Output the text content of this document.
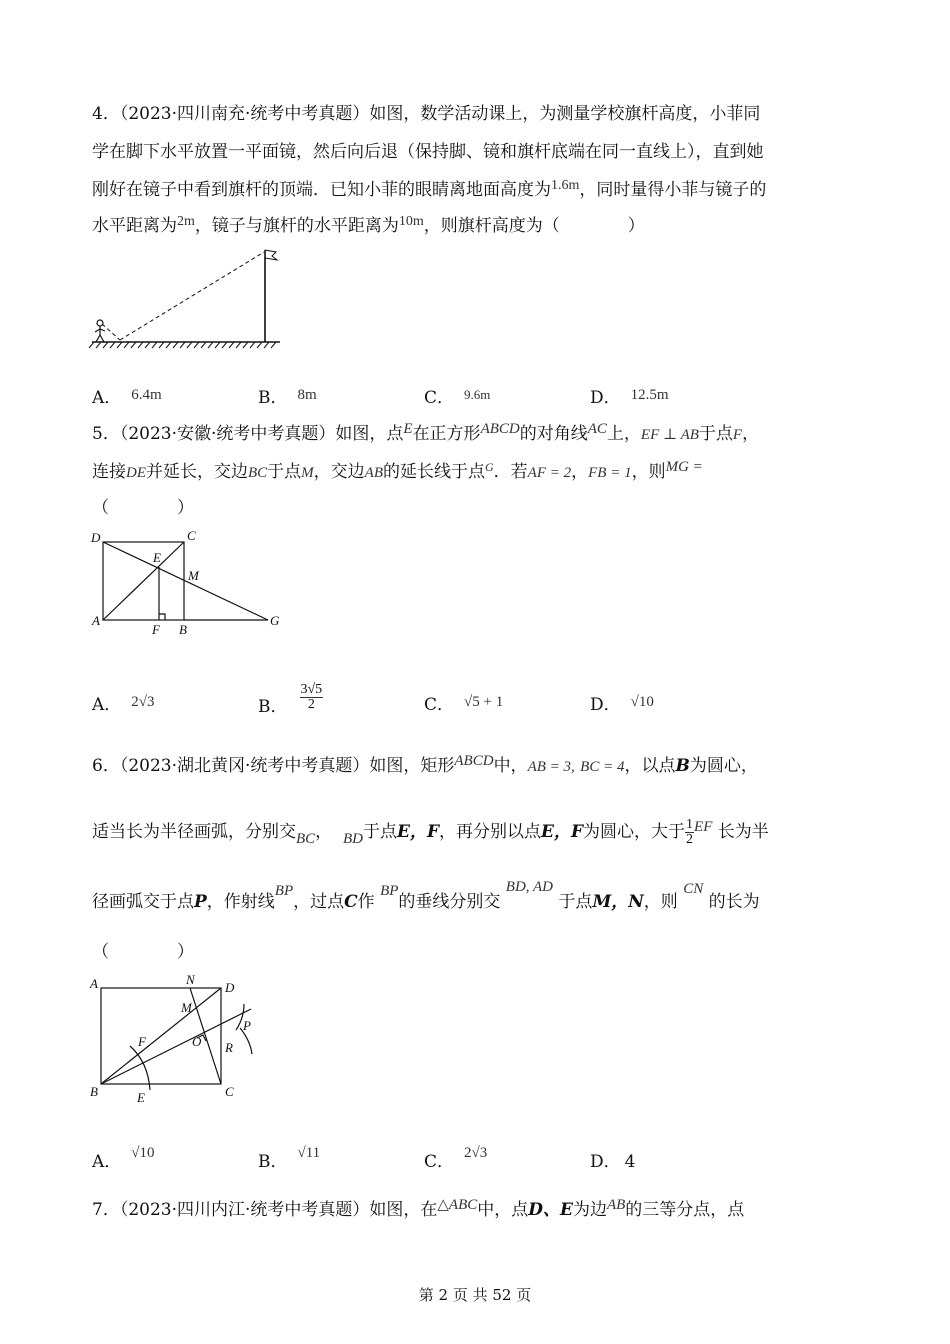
4．（2023·四川南充·统考中考真题）如图，数学活动课上，为测量学校旗杆高度，小菲同
学在脚下水平放置一平面镜，然后向后退（保持脚、镜和旗杆底端在同一直线上），直到她
刚好在镜子中看到旗杆的顶端．已知小菲的眼睛离地面高度为$^{1.6m}$，同时量得小菲与镜子的
水平距离为$^{2m}$，镜子与旗杆的水平距离为$^{10m}$，则旗杆高度为（　　　　）
A． 6.4m	B． 8m	C． $^{9.6m}$	D． 12.5m
5．（2023·安徽·统考中考真题）如图，点E在正方形ABCD的对角线AC上，EF ⊥ AB于点F，
连接DE并延长，交边BC于点M，交边AB的延长线于点$^G$．若AF = 2，FB = 1，则MG =
（　　　　）
D	C
E
M
A
F B
G
A． 2√3	B． $\frac{3√5}{2}$	C． √5 + 1	D． √10
6．（2023·湖北黄冈·统考中考真题）如图，矩形ABCD中，AB = 3, BC = 4，以点B为圆心，
适当长为半径画弧，分别交BC， BD于点E，F，再分别以点E，F为圆心，大于 $\frac{1}{2}$ EF 长为半
径画弧交于点P，作射线BP，过点C作 BP的垂线分别交 BD, AD 于点M，N，则 CN 的长为
（　　　　）
A	N
D
M
P
F	O R
B	E	C
A． √10	B． √11	C． 2√3	D． 4
7．（2023·四川内江·统考中考真题）如图，在△ABC中，点D、E为边AB的三等分点，点
第 2 页 共 52 页
